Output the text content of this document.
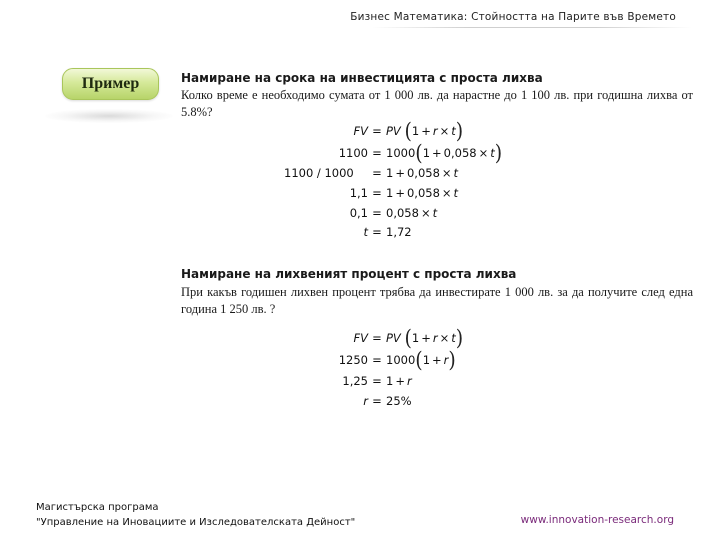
Бизнес Математика: Стойността на Парите във Времето
Пример	Намиране на срока на инвестицията с проста лихва
Колко време е необходимо сумата от 1 000 лв. да нарастне до 1 100 лв. при годишна лихва от 5.8%?
FV = PV
( 1 + r × t )
1100 = 1000 ( 1 + 0,058 × t )
1100 / 1000	= 1 + 0,058 × t
1,1 = 1 + 0,058 × t
0,1 = 0,058 × t
t = 1,72
Намиране на лихвеният процент с проста лихва
При какъв годишен лихвен процент трябва да инвестирате 1 000 лв. за да получите след една година 1 250 лв. ?
FV = PV
( 1 + r × t )
1250 = 1000 ( 1 + r )
1,25 = 1 + r
r = 25%
Магистърска програма
"Управление на Иновациите и Изследователската Дейност"	www.innovation-research.org
